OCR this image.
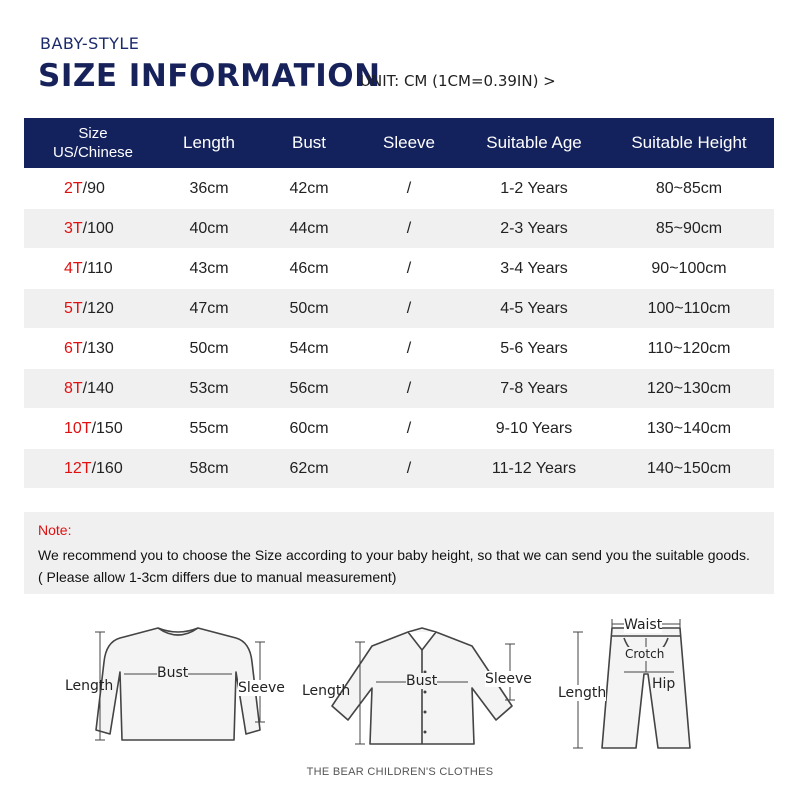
BABY-STYLE
SIZE INFORMATION
UNIT: CM (1CM=0.39IN) >
Size
US/Chinese
Length	Bust	Sleeve	Suitable Age	Suitable Height
2T/90	36cm	42cm	/	1-2 Years	80~85cm
3T/100	40cm	44cm	/	2-3 Years	85~90cm
4T/110	43cm	46cm	/	3-4 Years	90~100cm
5T/120	47cm	50cm	/	4-5 Years	100~110cm
6T/130	50cm	54cm	/	5-6 Years	110~120cm
8T/140	53cm	56cm	/	7-8 Years	120~130cm
10T/150	55cm	60cm	/	9-10 Years	130~140cm
12T/160	58cm	62cm	/	11-12 Years	140~150cm
Note:
We recommend you to choose the Size according to your baby height, so that we can send you the suitable goods.
( Please allow 1-3cm differs due to manual measurement)
Length
Bust
Sleeve Length
Bust	Sleeve
Waist
Crotch
Hip
Length
THE BEAR CHILDREN'S CLOTHES
